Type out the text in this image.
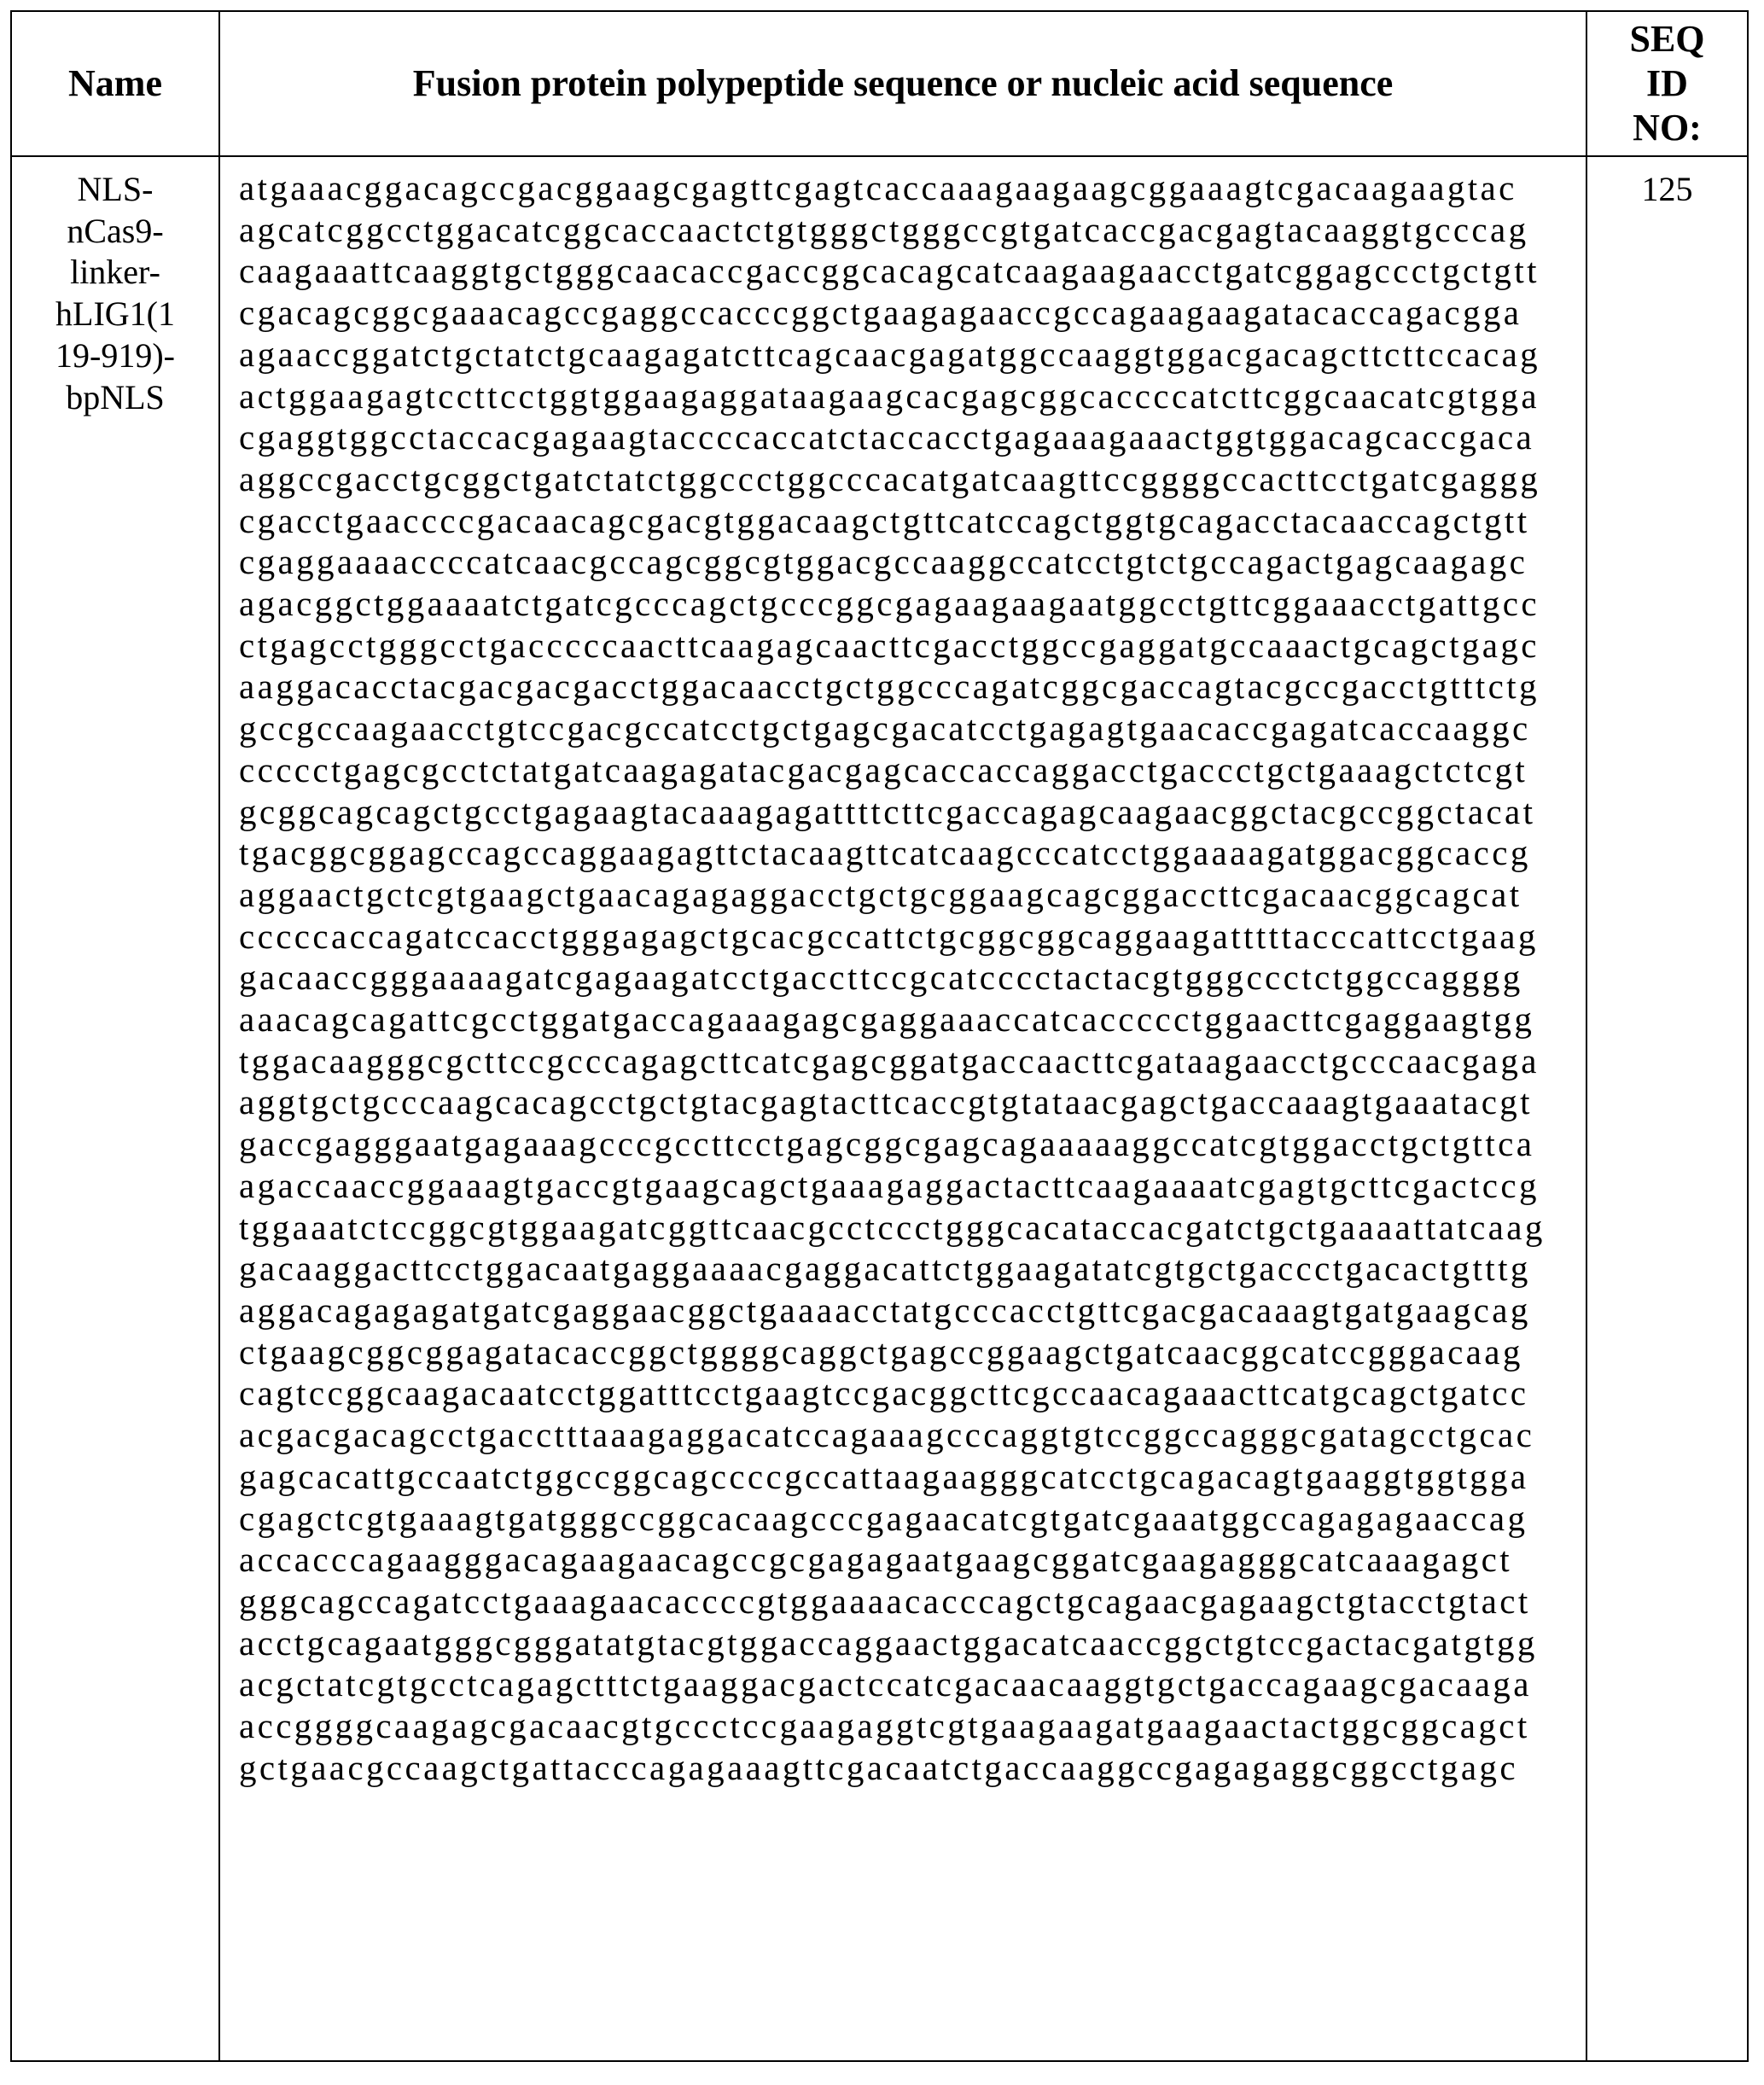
Name	Fusion protein polypeptide sequence or nucleic acid sequence	
SEQ
ID
NO:

NLS-
nCas9-
linker-
hLIG1(1
19-919)-
bpNLS

atgaaacggacagccgacggaagcgagttcgagtcaccaaagaagaagcggaaagtcgacaagaagtac
agcatcggcctggacatcggcaccaactctgtgggctgggccgtgatcaccgacgagtacaaggtgcccag
caagaaattcaaggtgctgggcaacaccgaccggcacagcatcaagaagaacctgatcggagccctgctgtt
cgacagcggcgaaacagccgaggccacccggctgaagagaaccgccagaagaagatacaccagacgga
agaaccggatctgctatctgcaagagatcttcagcaacgagatggccaaggtggacgacagcttcttccacag
actggaagagtccttcctggtggaagaggataagaagcacgagcggcaccccatcttcggcaacatcgtgga
cgaggtggcctaccacgagaagtaccccaccatctaccacctgagaaagaaactggtggacagcaccgaca
aggccgacctgcggctgatctatctggccctggcccacatgatcaagttccggggccacttcctgatcgaggg
cgacctgaaccccgacaacagcgacgtggacaagctgttcatccagctggtgcagacctacaaccagctgtt
cgaggaaaaccccatcaacgccagcggcgtggacgccaaggccatcctgtctgccagactgagcaagagc
agacggctggaaaatctgatcgcccagctgcccggcgagaagaagaatggcctgttcggaaacctgattgcc
ctgagcctgggcctgacccccaacttcaagagcaacttcgacctggccgaggatgccaaactgcagctgagc
aaggacacctacgacgacgacctggacaacctgctggcccagatcggcgaccagtacgccgacctgtttctg
gccgccaagaacctgtccgacgccatcctgctgagcgacatcctgagagtgaacaccgagatcaccaaggc
ccccctgagcgcctctatgatcaagagatacgacgagcaccaccaggacctgaccctgctgaaagctctcgt
gcggcagcagctgcctgagaagtacaaagagattttcttcgaccagagcaagaacggctacgccggctacat
tgacggcggagccagccaggaagagttctacaagttcatcaagcccatcctggaaaagatggacggcaccg
aggaactgctcgtgaagctgaacagagaggacctgctgcggaagcagcggaccttcgacaacggcagcat
cccccaccagatccacctgggagagctgcacgccattctgcggcggcaggaagatttttacccattcctgaag
gacaaccgggaaaagatcgagaagatcctgaccttccgcatcccctactacgtgggccctctggccagggg
aaacagcagattcgcctggatgaccagaaagagcgaggaaaccatcaccccctggaacttcgaggaagtgg
tggacaagggcgcttccgcccagagcttcatcgagcggatgaccaacttcgataagaacctgcccaacgaga
aggtgctgcccaagcacagcctgctgtacgagtacttcaccgtgtataacgagctgaccaaagtgaaatacgt
gaccgagggaatgagaaagcccgccttcctgagcggcgagcagaaaaaggccatcgtggacctgctgttca
agaccaaccggaaagtgaccgtgaagcagctgaaagaggactacttcaagaaaatcgagtgcttcgactccg
tggaaatctccggcgtggaagatcggttcaacgcctccctgggcacataccacgatctgctgaaaattatcaag
gacaaggacttcctggacaatgaggaaaacgaggacattctggaagatatcgtgctgaccctgacactgtttg
aggacagagagatgatcgaggaacggctgaaaacctatgcccacctgttcgacgacaaagtgatgaagcag
ctgaagcggcggagatacaccggctggggcaggctgagccggaagctgatcaacggcatccgggacaag
cagtccggcaagacaatcctggatttcctgaagtccgacggcttcgccaacagaaacttcatgcagctgatcc
acgacgacagcctgacctttaaagaggacatccagaaagcccaggtgtccggccagggcgatagcctgcac
gagcacattgccaatctggccggcagccccgccattaagaagggcatcctgcagacagtgaaggtggtgga
cgagctcgtgaaagtgatgggccggcacaagcccgagaacatcgtgatcgaaatggccagagagaaccag
accacccagaagggacagaagaacagccgcgagagaatgaagcggatcgaagagggcatcaaagagct
gggcagccagatcctgaaagaacaccccgtggaaaacacccagctgcagaacgagaagctgtacctgtact
acctgcagaatgggcgggatatgtacgtggaccaggaactggacatcaaccggctgtccgactacgatgtgg
acgctatcgtgcctcagagctttctgaaggacgactccatcgacaacaaggtgctgaccagaagcgacaaga
accggggcaagagcgacaacgtgccctccgaagaggtcgtgaagaagatgaagaactactggcggcagct
gctgaacgccaagctgattacccagagaaagttcgacaatctgaccaaggccgagagaggcggcctgagc
	125
